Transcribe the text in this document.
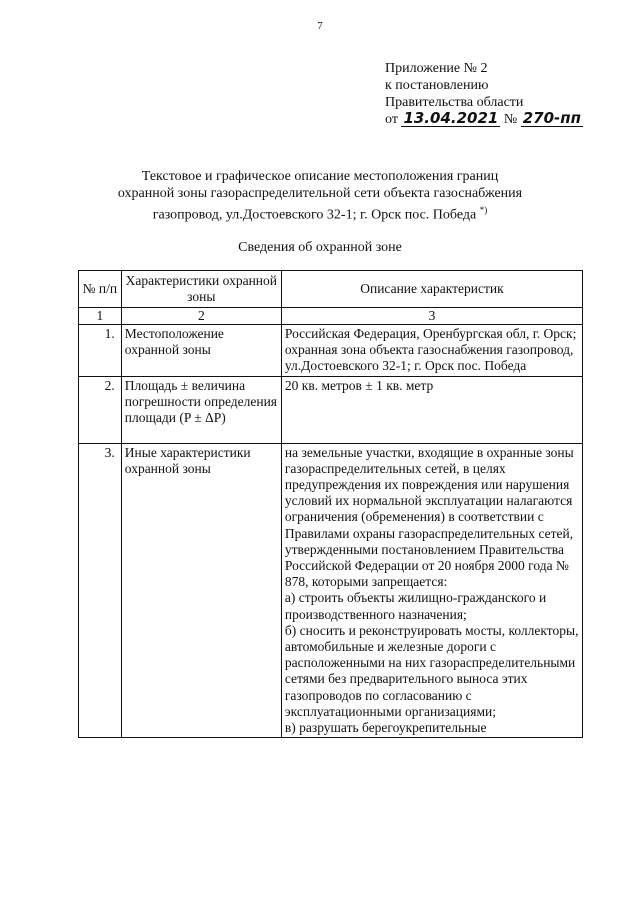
7
Приложение № 2
к постановлению
Правительства области
от 13.04.2021 № 270-пп
Текстовое и графическое описание местоположения границ
охранной зоны газораспределительной сети объекта газоснабжения
газопровод, ул.Достоевского 32-1; г. Орск пос. Победа *)
Сведения об охранной зоне
№ п/п	Характеристики охранной зоны	Описание характеристик
1	2	3
1.	Местоположение охранной зоны	Российская Федерация, Оренбургская обл, г. Орск; охранная зона объекта газоснабжения газопровод, ул.Достоевского 32-1; г. Орск пос. Победа

2.	Площадь ± величина погрешности определения площади (P ± ΔP)	20 кв. метров ± 1 кв. метр

3.	Иные характеристики охранной зоны	на земельные участки, входящие в охранные зоны газораспределительных сетей, в целях предупреждения их повреждения или нарушения условий их нормальной эксплуатации налагаются ограничения (обременения) в соответствии с Правилами охраны газораспределительных сетей, утвержденными постановлением Правительства Российской Федерации от 20 ноября 2000 года № 878, которыми запрещается:
а) строить объекты жилищно-гражданского и производственного назначения;
б) сносить и реконструировать мосты, коллекторы, автомобильные и железные дороги с расположенными на них газораспределительными сетями без предварительного выноса этих газопроводов по согласованию с эксплуатационными организациями;
в) разрушать берегоукрепительные
